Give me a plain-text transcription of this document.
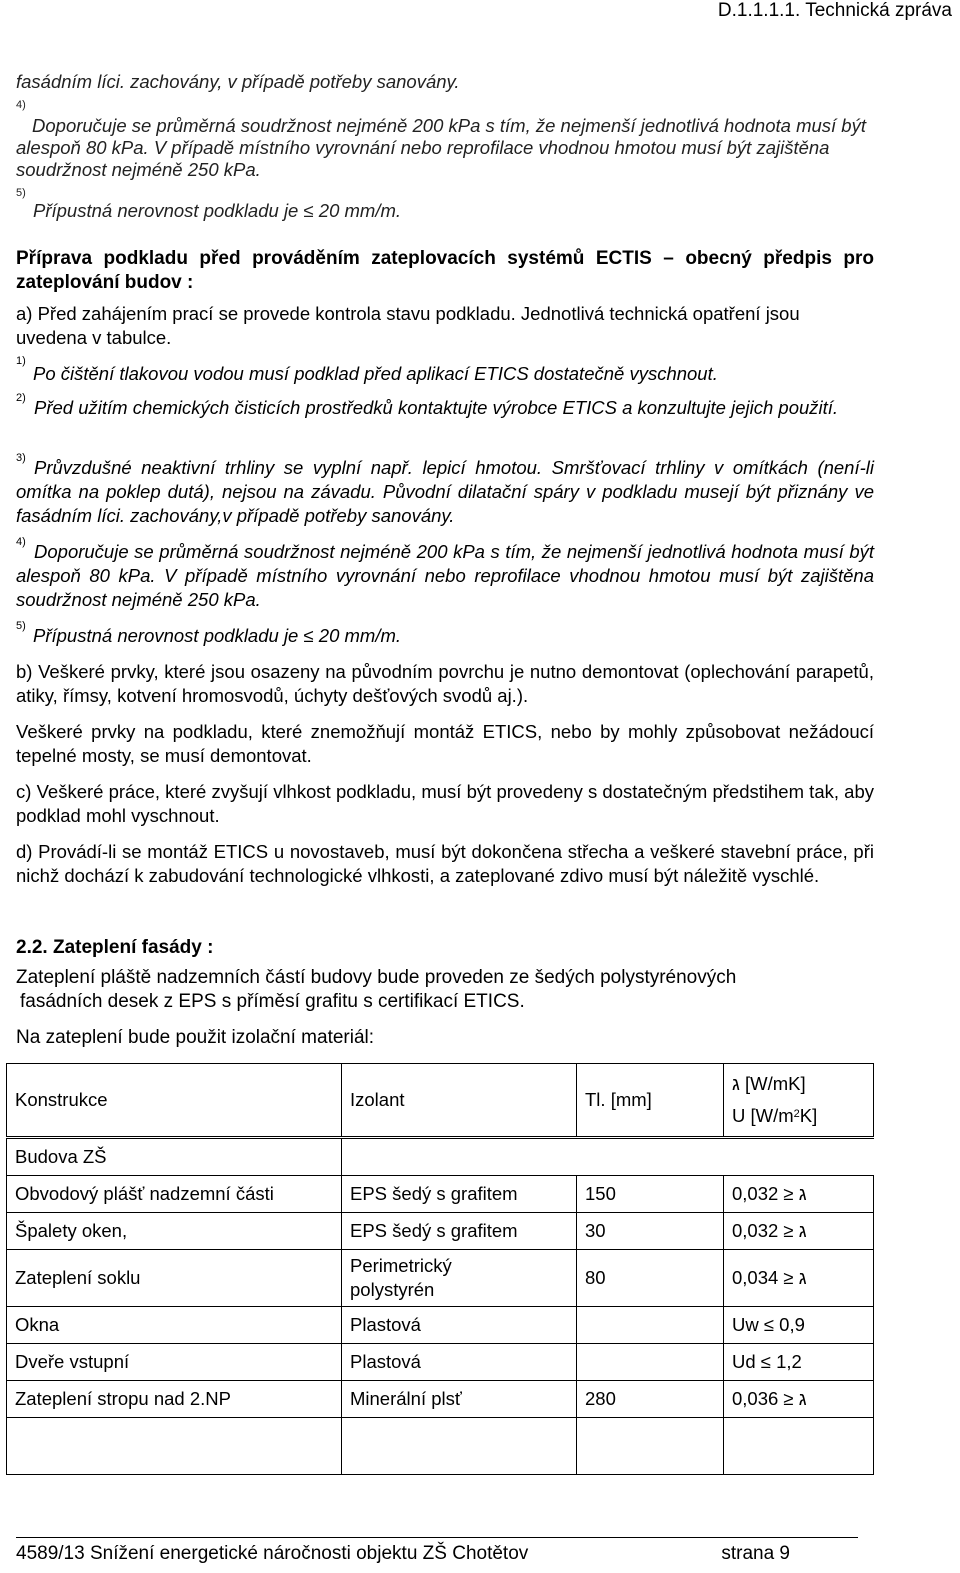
D.1.1.1.1. Technická zpráva
fasádním líci. zachovány, v případě potřeby sanovány.
4)
Doporučuje se průměrná soudržnost nejméně 200 kPa s tím, že nejmenší jednotlivá hodnota musí být alespoň 80 kPa. V případě místního vyrovnání nebo reprofilace vhodnou hmotou musí být zajištěna soudržnost nejméně 250 kPa.
5)
Přípustná nerovnost podkladu je ≤ 20 mm/m.
Příprava podkladu před prováděním zateplovacích systémů ECTIS – obecný předpis pro zateplování budov :
a) Před zahájením prací se provede kontrola stavu podkladu. Jednotlivá technická opatření jsou uvedena v tabulce.
1)
Po čištění tlakovou vodou musí podklad před aplikací ETICS dostatečně vyschnout.
2) Před užitím chemických čisticích prostředků kontaktujte výrobce ETICS a konzultujte jejich použití.
3) Průvzdušné neaktivní trhliny se vyplní např. lepicí hmotou. Smršťovací trhliny v omítkách (není-li omítka na poklep dutá), nejsou na závadu. Původní dilatační spáry v podkladu musejí být přiznány ve fasádním líci. zachovány,v případě potřeby sanovány.
4) Doporučuje se průměrná soudržnost nejméně 200 kPa s tím, že nejmenší jednotlivá hodnota musí být alespoň 80 kPa. V případě místního vyrovnání nebo reprofilace vhodnou hmotou musí být zajištěna soudržnost nejméně 250 kPa.
5) Přípustná nerovnost podkladu je ≤ 20 mm/m.
b) Veškeré prvky, které jsou osazeny na původním povrchu je nutno demontovat (oplechování parapetů, atiky, římsy, kotvení hromosvodů, úchyty dešťových svodů aj.).
Veškeré prvky na podkladu, které znemožňují montáž ETICS, nebo by mohly způsobovat nežádoucí tepelné mosty, se musí demontovat.
c) Veškeré práce, které zvyšují vlhkost podkladu, musí být provedeny s dostatečným předstihem tak, aby podklad mohl vyschnout.
d) Provádí-li se montáž ETICS u novostaveb, musí být dokončena střecha a veškeré stavební práce, při nichž dochází k zabudování technologické vlhkosti, a zateplované zdivo musí být náležitě vyschlé.
2.2. Zateplení fasády :
Zateplení pláště nadzemních částí budovy bude proveden ze šedých polystyrénových
fasádních desek z EPS s příměsí grafitu s certifikací ETICS.
Na zateplení bude použit izolační materiál:
Konstrukce	Izolant	Tl. [mm]	ג [W/mK]
U $[W/m^2K]$

Budova ZŠ			
Obvodový plášť nadzemní části	EPS šedý s grafitem	150	ג ≤ 0,032
Špalety oken,	EPS šedý s grafitem	30	ג ≤ 0,032
Zateplení soklu	Perimetrický
polystyrén	80	ג ≤ 0,034
Okna	Plastová		Uw ≤ 0,9
Dveře vstupní	Plastová		Ud ≤ 1,2
Zateplení stropu nad 2.NP	Minerální plsť	280	ג ≤ 0,036

4589/13 Snížení energetické náročnosti objektu ZŠ Chotětov	strana 9
